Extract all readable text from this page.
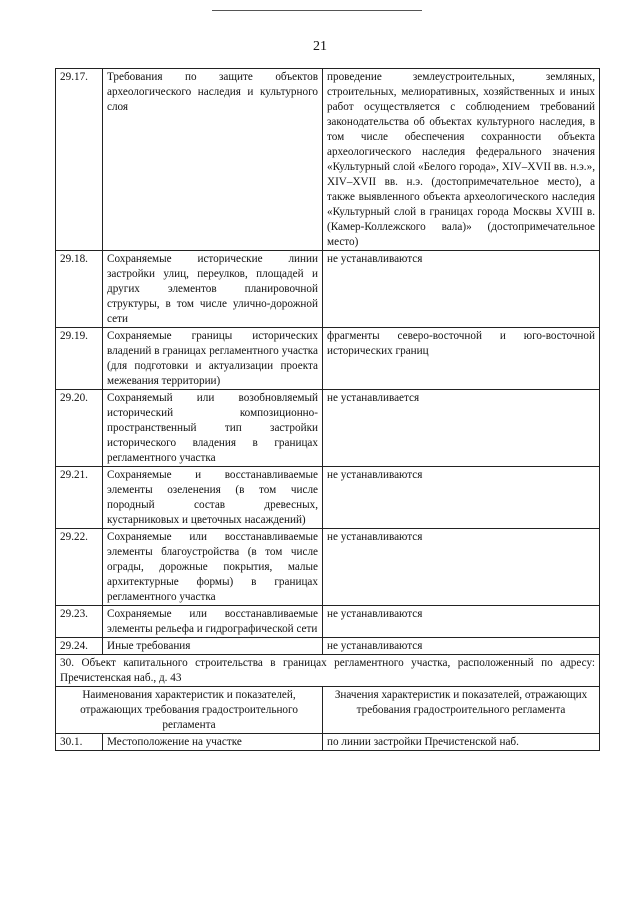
21
29.17.	Требования по защите объектов археологического наследия и культурного слоя	проведение землеустроительных, земляных, строительных, мелиоративных, хозяйственных и иных работ осуществляется с соблюдением требований законодательства об объектах культурного наследия, в том числе обеспечения сохранности объекта археологического наследия федерального значения «Культурный слой «Белого города», XIV–XVII вв. н.э.», XIV–XVII вв. н.э. (достопримечательное место), а также выявленного объекта археологического наследия «Культурный слой в границах города Москвы XVIII в. (Камер-Коллежского вала)» (достопримечательное место)
29.18.	Сохраняемые исторические линии застройки улиц, переулков, площадей и других элементов планировочной структуры, в том числе улично-дорожной сети	не устанавливаются
29.19.	Сохраняемые границы исторических владений в границах регламентного участка (для подготовки и актуализации проекта межевания территории)	фрагменты северо-восточной и юго-восточной исторических границ
29.20.	Сохраняемый или возобновляемый исторический композиционно-пространственный тип застройки исторического владения в границах регламентного участка	не устанавливается
29.21.	Сохраняемые и восстанавливаемые элементы озеленения (в том числе породный состав древесных, кустарниковых и цветочных насаждений)	не устанавливаются
29.22.	Сохраняемые или восстанавливаемые элементы благоустройства (в том числе ограды, дорожные покрытия, малые архитектурные формы) в границах регламентного участка	не устанавливаются
29.23.	Сохраняемые или восстанавливаемые элементы рельефа и гидрографической сети	не устанавливаются
29.24.	Иные требования	не устанавливаются
30. Объект капитального строительства в границах регламентного участка, расположенный по адресу: Пречистенская наб., д. 43		
Наименования характеристик и показателей, отражающих требования градостроительного регламента		Значения характеристик и показателей, отражающих требования градостроительного регламента
30.1.	Местоположение на участке	по линии застройки Пречистенской наб.
